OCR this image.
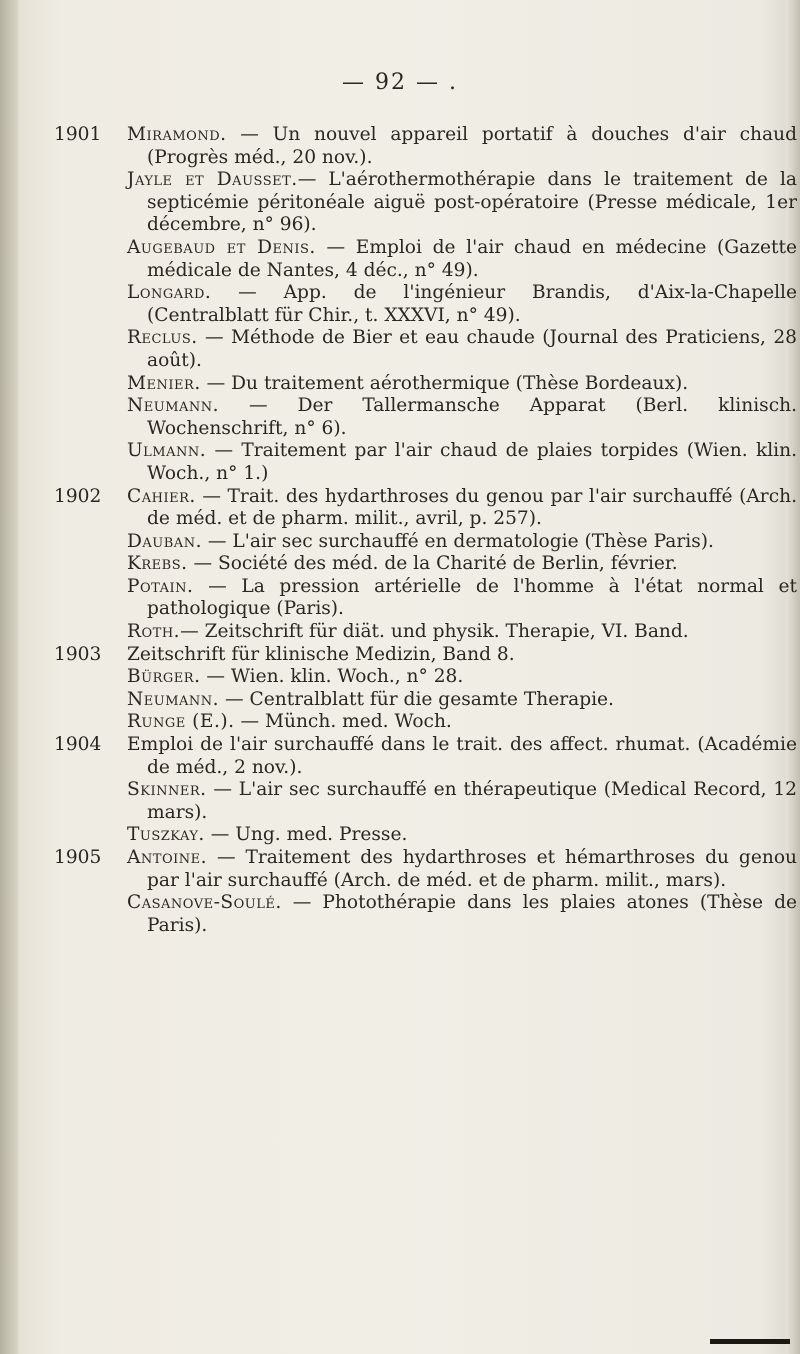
— 92 — .

1901	Miramond. — Un nouvel appareil portatif à douches d'air chaud (Progrès méd., 20 nov.).

Jayle et Dausset.— L'aérothermothérapie dans le traitement de la septicémie péritonéale aiguë post-opératoire (Presse médicale, 1er décembre, n° 96).

Augebaud et Denis. — Emploi de l'air chaud en médecine (Gazette médicale de Nantes, 4 déc., n° 49).

Longard. — App. de l'ingénieur Brandis, d'Aix-la-Chapelle (Centralblatt für Chir., t. XXXVI, n° 49).

Reclus. — Méthode de Bier et eau chaude (Journal des Praticiens, 28 août).

Menier. — Du traitement aérothermique (Thèse Bordeaux).

Neumann. — Der Tallermansche Apparat (Berl. klinisch. Wochenschrift, n° 6).

Ulmann. — Traitement par l'air chaud de plaies torpides (Wien. klin. Woch., n° 1.)

1902	Cahier. — Trait. des hydarthroses du genou par l'air surchauffé (Arch. de méd. et de pharm. milit., avril, p. 257).

Dauban. — L'air sec surchauffé en dermatologie (Thèse Paris).

Krebs. — Société des méd. de la Charité de Berlin, février.

Potain. — La pression artérielle de l'homme à l'état normal et pathologique (Paris).

Roth.— Zeitschrift für diät. und physik. Therapie, VI. Band.

1903	Zeitschrift für klinische Medizin, Band 8.

Bürger. — Wien. klin. Woch., n° 28.

Neumann. — Centralblatt für die gesamte Therapie.

Runge (E.). — Münch. med. Woch.

1904	Emploi de l'air surchauffé dans le trait. des affect. rhumat. (Académie de méd., 2 nov.).

Skinner. — L'air sec surchauffé en thérapeutique (Medical Record, 12 mars).

Tuszkay. — Ung. med. Presse.

1905	Antoine. — Traitement des hydarthroses et hémarthroses du genou par l'air surchauffé (Arch. de méd. et de pharm. milit., mars).

Casanove-Soulé. — Photothérapie dans les plaies atones (Thèse de Paris).
